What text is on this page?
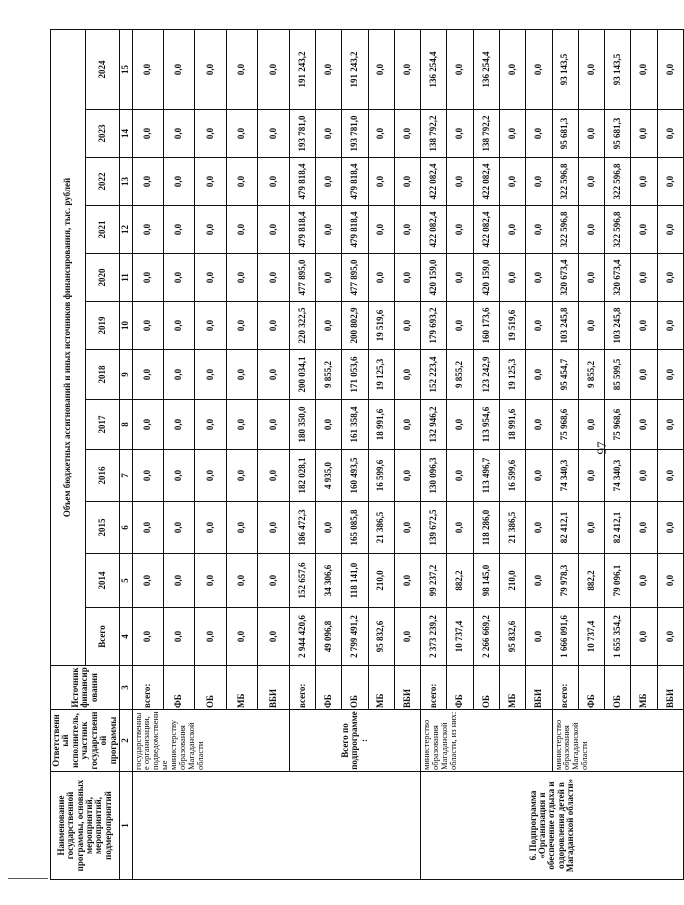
97
Наименование государственной программы, основных мероприятий, мероприятий, подмероприятий	Ответственный исполнитель, участник государственной программы	Источник финансирования	Объем бюджетных ассигнований и иных источников финансирования, тыс. рублей											
			Всего	2014	2015	2016	2017	2018	2019	2020	2021	2022	2023	2024
1	2	3	4	5	6	7	8	9	10	11	12	13	14	15
	государственные организации, подведомственные министерству образования Магаданской области	всего:	0,0	0,0	0,0	0,0	0,0	0,0	0,0	0,0	0,0	0,0	0,0	0,0
		ФБ	0,0	0,0	0,0	0,0	0,0	0,0	0,0	0,0	0,0	0,0	0,0	0,0
		ОБ	0,0	0,0	0,0	0,0	0,0	0,0	0,0	0,0	0,0	0,0	0,0	0,0
		МБ	0,0	0,0	0,0	0,0	0,0	0,0	0,0	0,0	0,0	0,0	0,0	0,0
		ВБИ	0,0	0,0	0,0	0,0	0,0	0,0	0,0	0,0	0,0	0,0	0,0	0,0
	Всего по подпрограмме:	всего:	2 944 420,6	152 657,6	186 472,3	182 028,1	180 350,0	200 034,1	220 322,5	477 895,0	479 818,4	479 818,4	193 781,0	191 243,2
		ФБ	49 096,8	34 306,6	0,0	4 935,0	0,0	9 855,2	0,0	0,0	0,0	0,0	0,0	0,0
		ОБ	2 799 491,2	118 141,0	165 085,8	160 493,5	161 358,4	171 053,6	200 802,9	477 895,0	479 818,4	479 818,4	193 781,0	191 243,2
		МБ	95 832,6	210,0	21 386,5	16 599,6	18 991,6	19 125,3	19 519,6	0,0	0,0	0,0	0,0	0,0
		ВБИ	0,0	0,0	0,0	0,0	0,0	0,0	0,0	0,0	0,0	0,0	0,0	0,0
6. Подпрограмма «Организация и обеспечение отдыха и оздоровления детей в Магаданской области»	министерство образования Магаданской области, из них:	всего:	2 373 239,2	99 237,2	139 672,5	130 096,3	132 946,2	152 223,4	179 693,2	420 159,0	422 082,4	422 082,4	138 792,2	136 254,4
		ФБ	10 737,4	882,2	0,0	0,0	0,0	9 855,2	0,0	0,0	0,0	0,0	0,0	0,0
		ОБ	2 266 669,2	98 145,0	118 286,0	113 496,7	113 954,6	123 242,9	160 173,6	420 159,0	422 082,4	422 082,4	138 792,2	136 254,4
		МБ	95 832,6	210,0	21 386,5	16 599,6	18 991,6	19 125,3	19 519,6	0,0	0,0	0,0	0,0	0,0
		ВБИ	0,0	0,0	0,0	0,0	0,0	0,0	0,0	0,0	0,0	0,0	0,0	0,0
	министерство образования Магаданской области	всего:	1 666 091,6	79 978,3	82 412,1	74 340,3	75 968,6	95 454,7	103 245,8	320 673,4	322 596,8	322 596,8	95 681,3	93 143,5
		ФБ	10 737,4	882,2	0,0	0,0	0,0	9 855,2	0,0	0,0	0,0	0,0	0,0	0,0
		ОБ	1 655 354,2	79 096,1	82 412,1	74 340,3	75 968,6	85 599,5	103 245,8	320 673,4	322 596,8	322 596,8	95 681,3	93 143,5
		МБ	0,0	0,0	0,0	0,0	0,0	0,0	0,0	0,0	0,0	0,0	0,0	0,0
		ВБИ	0,0	0,0	0,0	0,0	0,0	0,0	0,0	0,0	0,0	0,0	0,0	0,0
